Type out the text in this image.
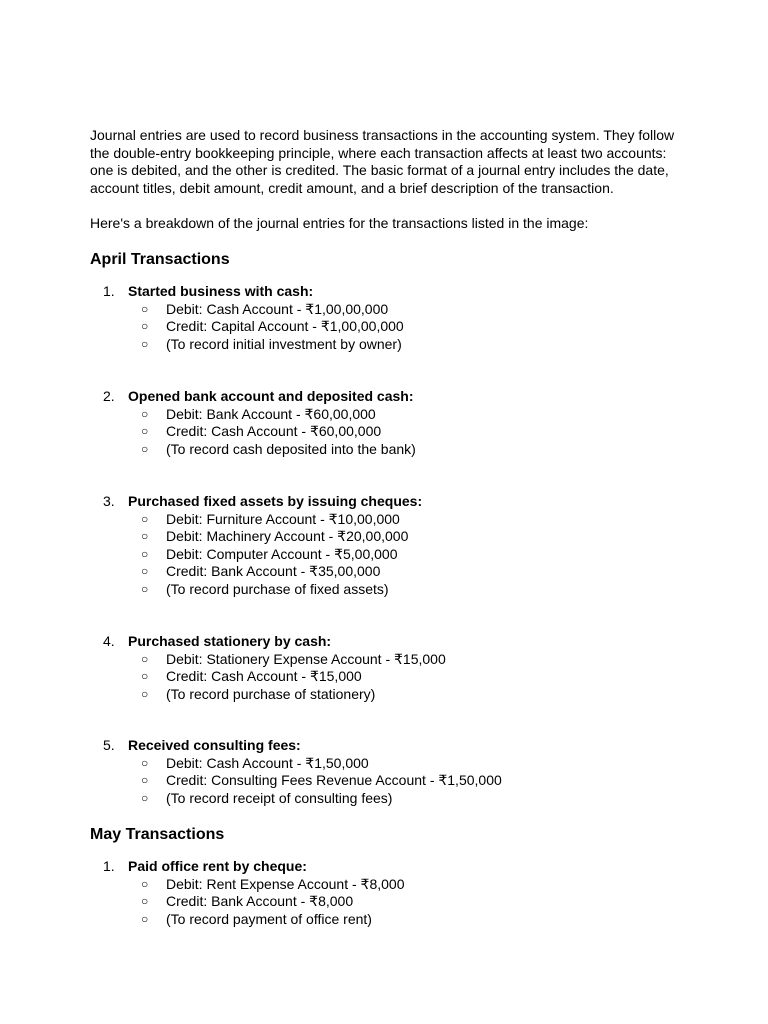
Journal entries are used to record business transactions in the accounting system. They follow the double-entry bookkeeping principle, where each transaction affects at least two accounts: one is debited, and the other is credited. The basic format of a journal entry includes the date, account titles, debit amount, credit amount, and a brief description of the transaction.

Here's a breakdown of the journal entries for the transactions listed in the image:

April Transactions
1. Started business with cash:
○ Debit: Cash Account - ₹1,00,00,000
○ Credit: Capital Account - ₹1,00,00,000
○ (To record initial investment by owner)
2. Opened bank account and deposited cash:
○ Debit: Bank Account - ₹60,00,000
○ Credit: Cash Account - ₹60,00,000
○ (To record cash deposited into the bank)
3. Purchased fixed assets by issuing cheques:
○ Debit: Furniture Account - ₹10,00,000
○ Debit: Machinery Account - ₹20,00,000
○ Debit: Computer Account - ₹5,00,000
○ Credit: Bank Account - ₹35,00,000
○ (To record purchase of fixed assets)
4. Purchased stationery by cash:
○ Debit: Stationery Expense Account - ₹15,000
○ Credit: Cash Account - ₹15,000
○ (To record purchase of stationery)
5. Received consulting fees:
○ Debit: Cash Account - ₹1,50,000
○ Credit: Consulting Fees Revenue Account - ₹1,50,000
○ (To record receipt of consulting fees)
May Transactions
1. Paid office rent by cheque:
○ Debit: Rent Expense Account - ₹8,000
○ Credit: Bank Account - ₹8,000
○ (To record payment of office rent)
